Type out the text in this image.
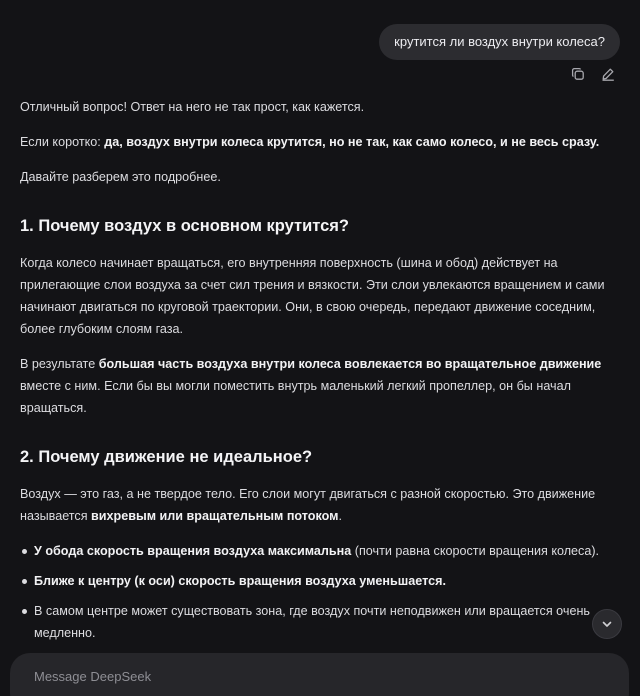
крутится ли воздух внутри колеса?

Отличный вопрос! Ответ на него не так прост, как кажется.

Если коротко: да, воздух внутри колеса крутится, но не так, как само колесо, и не весь сразу.

Давайте разберем это подробнее.

1. Почему воздух в основном крутится?

Когда колесо начинает вращаться, его внутренняя поверхность (шина и обод) действует на прилегающие слои воздуха за счет сил трения и вязкости. Эти слои увлекаются вращением и сами начинают двигаться по круговой траектории. Они, в свою очередь, передают движение соседним, более глубоким слоям газа.

В результате большая часть воздуха внутри колеса вовлекается во вращательное движение вместе с ним. Если бы вы могли поместить внутрь маленький легкий пропеллер, он бы начал вращаться.

2. Почему движение не идеальное?

Воздух — это газ, а не твердое тело. Его слои могут двигаться с разной скоростью. Это движение называется вихревым или вращательным потоком.

У обода скорость вращения воздуха максимальна (почти равна скорости вращения колеса).
Ближе к центру (к оси) скорость вращения воздуха уменьшается.
В самом центре может существовать зона, где воздух почти неподвижен или вращается очень медленно.
Message DeepSeek
